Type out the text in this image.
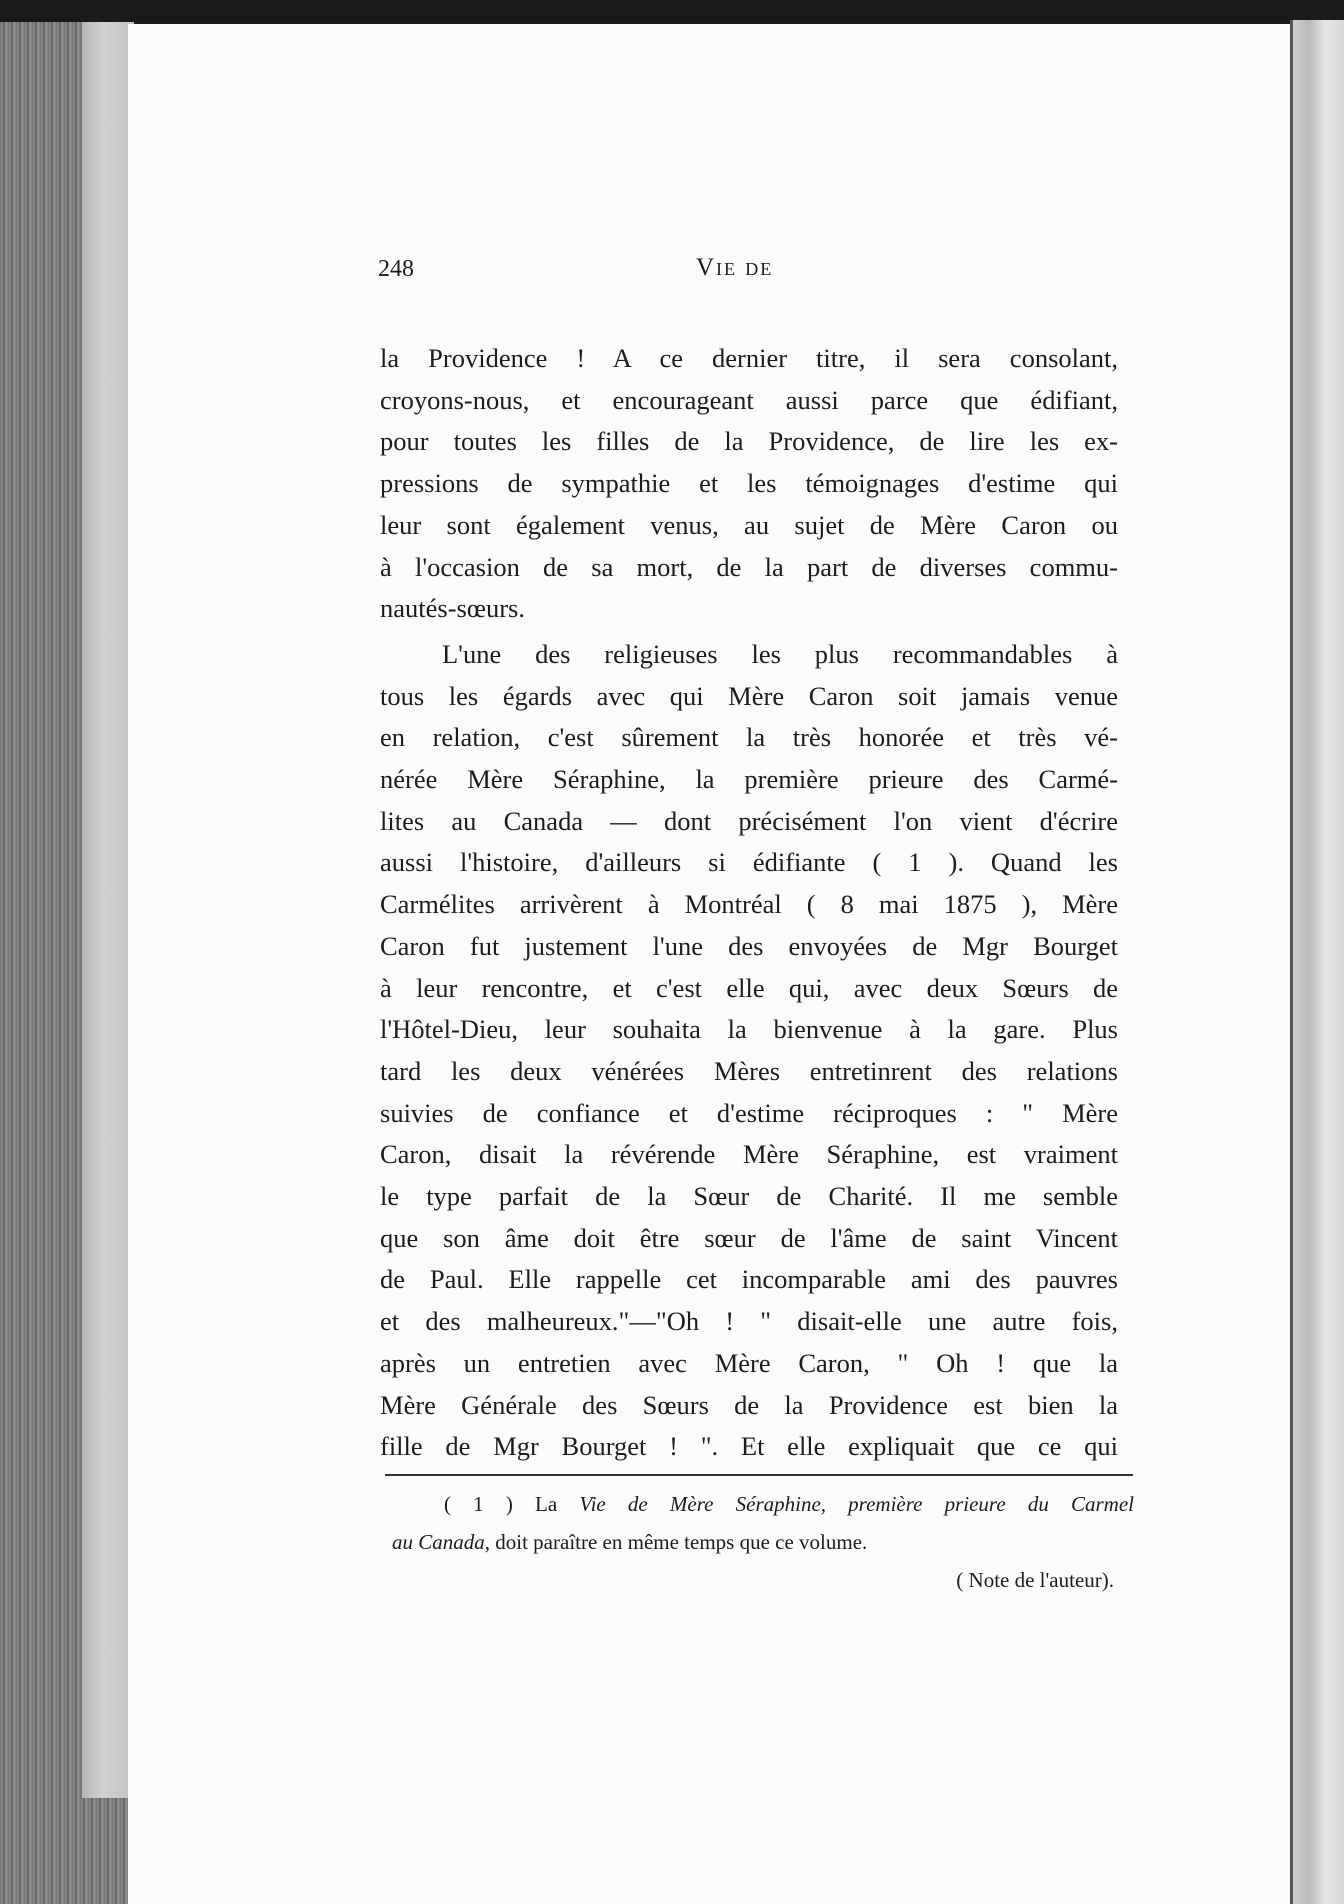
248	Vie de

la Providence ! A ce dernier titre, il sera consolant,

croyons-nous, et encourageant aussi parce que édifiant,

pour toutes les filles de la Providence, de lire les ex-

pressions de sympathie et les témoignages d'estime qui

leur sont également venus, au sujet de Mère Caron ou

à l'occasion de sa mort, de la part de diverses commu-

nautés-sœurs.

L'une des religieuses les plus recommandables à

tous les égards avec qui Mère Caron soit jamais venue

en relation, c'est sûrement la très honorée et très vé-

nérée Mère Séraphine, la première prieure des Carmé-

lites au Canada — dont précisément l'on vient d'écrire

aussi l'histoire, d'ailleurs si édifiante ( 1 ). Quand les

Carmélites arrivèrent à Montréal ( 8 mai 1875 ), Mère

Caron fut justement l'une des envoyées de Mgr Bourget

à leur rencontre, et c'est elle qui, avec deux Sœurs de

l'Hôtel-Dieu, leur souhaita la bienvenue à la gare. Plus

tard les deux vénérées Mères entretinrent des relations

suivies de confiance et d'estime réciproques : " Mère

Caron, disait la révérende Mère Séraphine, est vraiment

le type parfait de la Sœur de Charité. Il me semble

que son âme doit être sœur de l'âme de saint Vincent

de Paul. Elle rappelle cet incomparable ami des pauvres

et des malheureux."—"Oh ! " disait-elle une autre fois,

après un entretien avec Mère Caron, " Oh ! que la

Mère Générale des Sœurs de la Providence est bien la

fille de Mgr Bourget ! ". Et elle expliquait que ce qui

( 1 ) La Vie de Mère Séraphine, première prieure du Carmel

au Canada, doit paraître en même temps que ce volume.

( Note de l'auteur).
